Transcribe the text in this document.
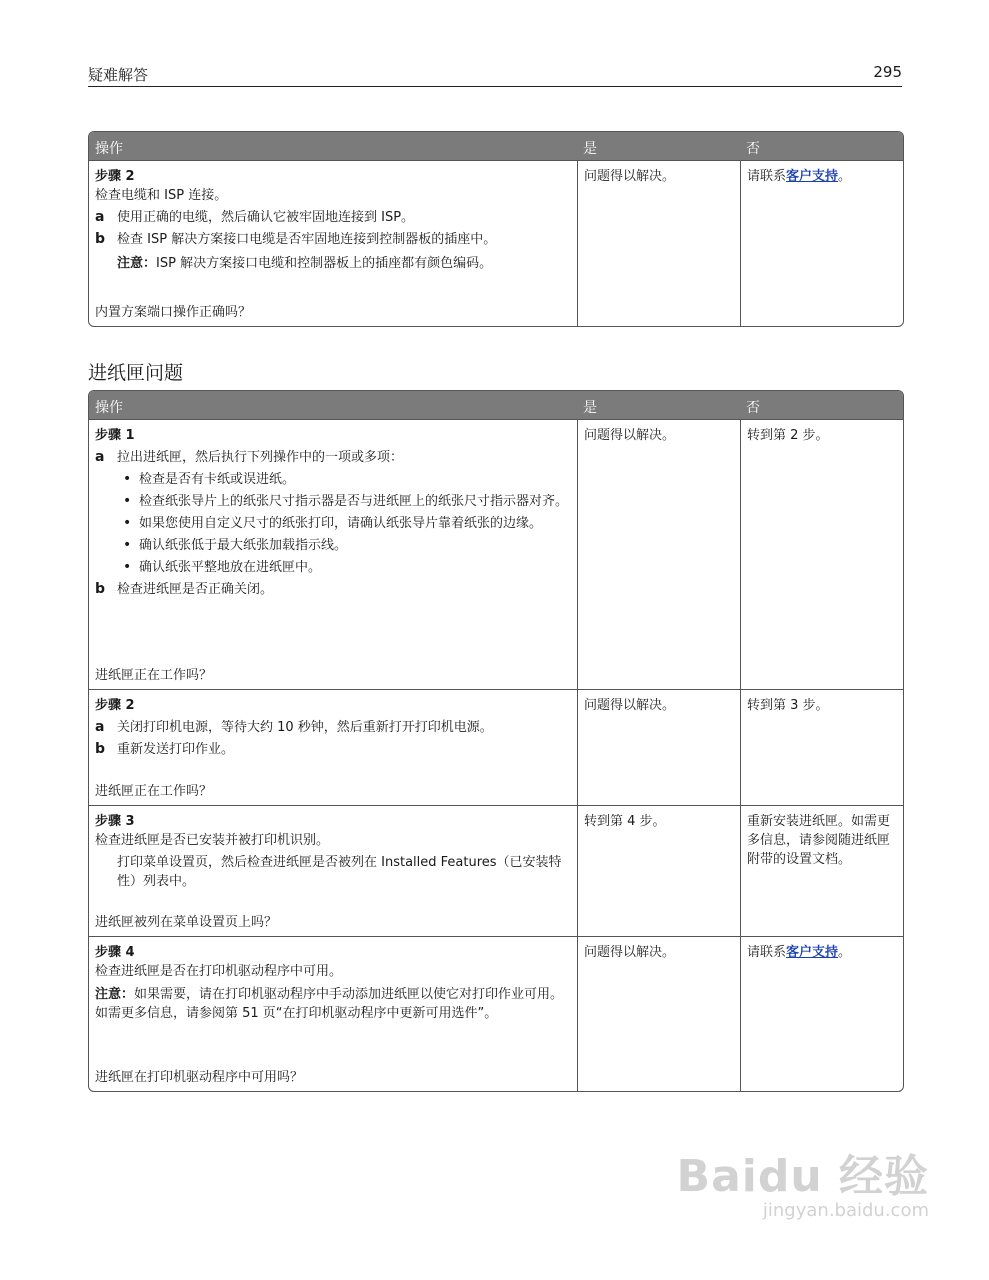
疑难解答	295
操作	是	否
步骤 2
检查电缆和 ISP 连接。
a 使用正确的电缆，然后确认它被牢固地连接到 ISP。
b 检查 ISP 解决方案接口电缆是否牢固地连接到控制器板的插座中。
注意：ISP 解决方案接口电缆和控制器板上的插座都有颜色编码。
内置方案端口操作正确吗？
问题得以解决。	请联系客户支持。
进纸匣问题
操作	是	否
步骤 1
a 拉出进纸匣，然后执行下列操作中的一项或多项：
• 检查是否有卡纸或误进纸。
• 检查纸张导片上的纸张尺寸指示器是否与进纸匣上的纸张尺寸指示器对齐。
• 如果您使用自定义尺寸的纸张打印，请确认纸张导片靠着纸张的边缘。
• 确认纸张低于最大纸张加载指示线。
• 确认纸张平整地放在进纸匣中。
b 检查进纸匣是否正确关闭。
进纸匣正在工作吗？
问题得以解决。	转到第 2 步。
步骤 2
a 关闭打印机电源，等待大约 10 秒钟，然后重新打开打印机电源。
b 重新发送打印作业。
进纸匣正在工作吗？
问题得以解决。	转到第 3 步。
步骤 3
检查进纸匣是否已安装并被打印机识别。
打印菜单设置页，然后检查进纸匣是否被列在 Installed Features（已安装特性）列表中。
进纸匣被列在菜单设置页上吗？
转到第 4 步。	重新安装进纸匣。如需更多信息，请参阅随进纸匣附带的设置文档。
步骤 4
检查进纸匣是否在打印机驱动程序中可用。
注意：如果需要，请在打印机驱动程序中手动添加进纸匣以使它对打印作业可用。如需更多信息，请参阅第 51 页“在打印机驱动程序中更新可用选件”。
进纸匣在打印机驱动程序中可用吗？
问题得以解决。	请联系客户支持。
Baidu 经验
jingyan.baidu.com
